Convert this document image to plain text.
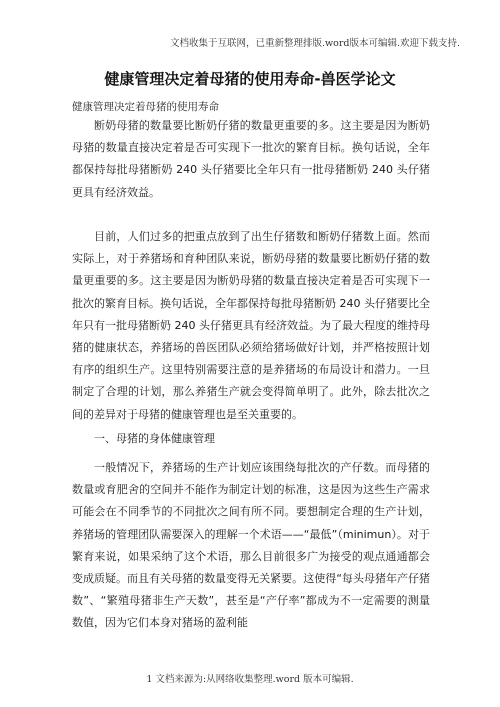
文档收集于互联网，已重新整理排版.word版本可编辑.欢迎下载支持.
健康管理决定着母猪的使用寿命-兽医学论文
健康管理决定着母猪的使用寿命

断奶母猪的数量要比断奶仔猪的数量更重要的多。这主要是因为断奶母猪的数量直接决定着是否可实现下一批次的繁育目标。换句话说，全年都保持每批母猪断奶 240 头仔猪要比全年只有一批母猪断奶 240 头仔猪更具有经济效益。

目前，人们过多的把重点放到了出生仔猪数和断奶仔猪数上面。然而实际上，对于养猪场和育种团队来说，断奶母猪的数量要比断奶仔猪的数量更重要的多。这主要是因为断奶母猪的数量直接决定着是否可实现下一批次的繁育目标。换句话说，全年都保持每批母猪断奶 240 头仔猪要比全年只有一批母猪断奶 240 头仔猪更具有经济效益。为了最大程度的维持母猪的健康状态，养猪场的兽医团队必须给猪场做好计划，并严格按照计划有序的组织生产。这里特别需要注意的是养猪场的布局设计和潜力。一旦制定了合理的计划，那么养猪生产就会变得简单明了。此外，除去批次之间的差异对于母猪的健康管理也是至关重要的。

一、母猪的身体健康管理

一般情况下，养猪场的生产计划应该围绕每批次的产仔数。而母猪的数量或育肥舍的空间并不能作为制定计划的标准，这是因为这些生产需求可能会在不同季节的不同批次之间有所不同。要想制定合理的生产计划，养猪场的管理团队需要深入的理解一个术语——“最低”（minimun）。对于繁育来说，如果采纳了这个术语，那么目前很多广为接受的观点通通都会变成质疑。而且有关母猪的数量变得无关紧要。这使得“每头母猪年产仔猪数”、“繁殖母猪非生产天数”，甚至是“产仔率”都成为不一定需要的测量数值，因为它们本身对猪场的盈利能

1 文档来源为:从网络收集整理.word 版本可编辑.
